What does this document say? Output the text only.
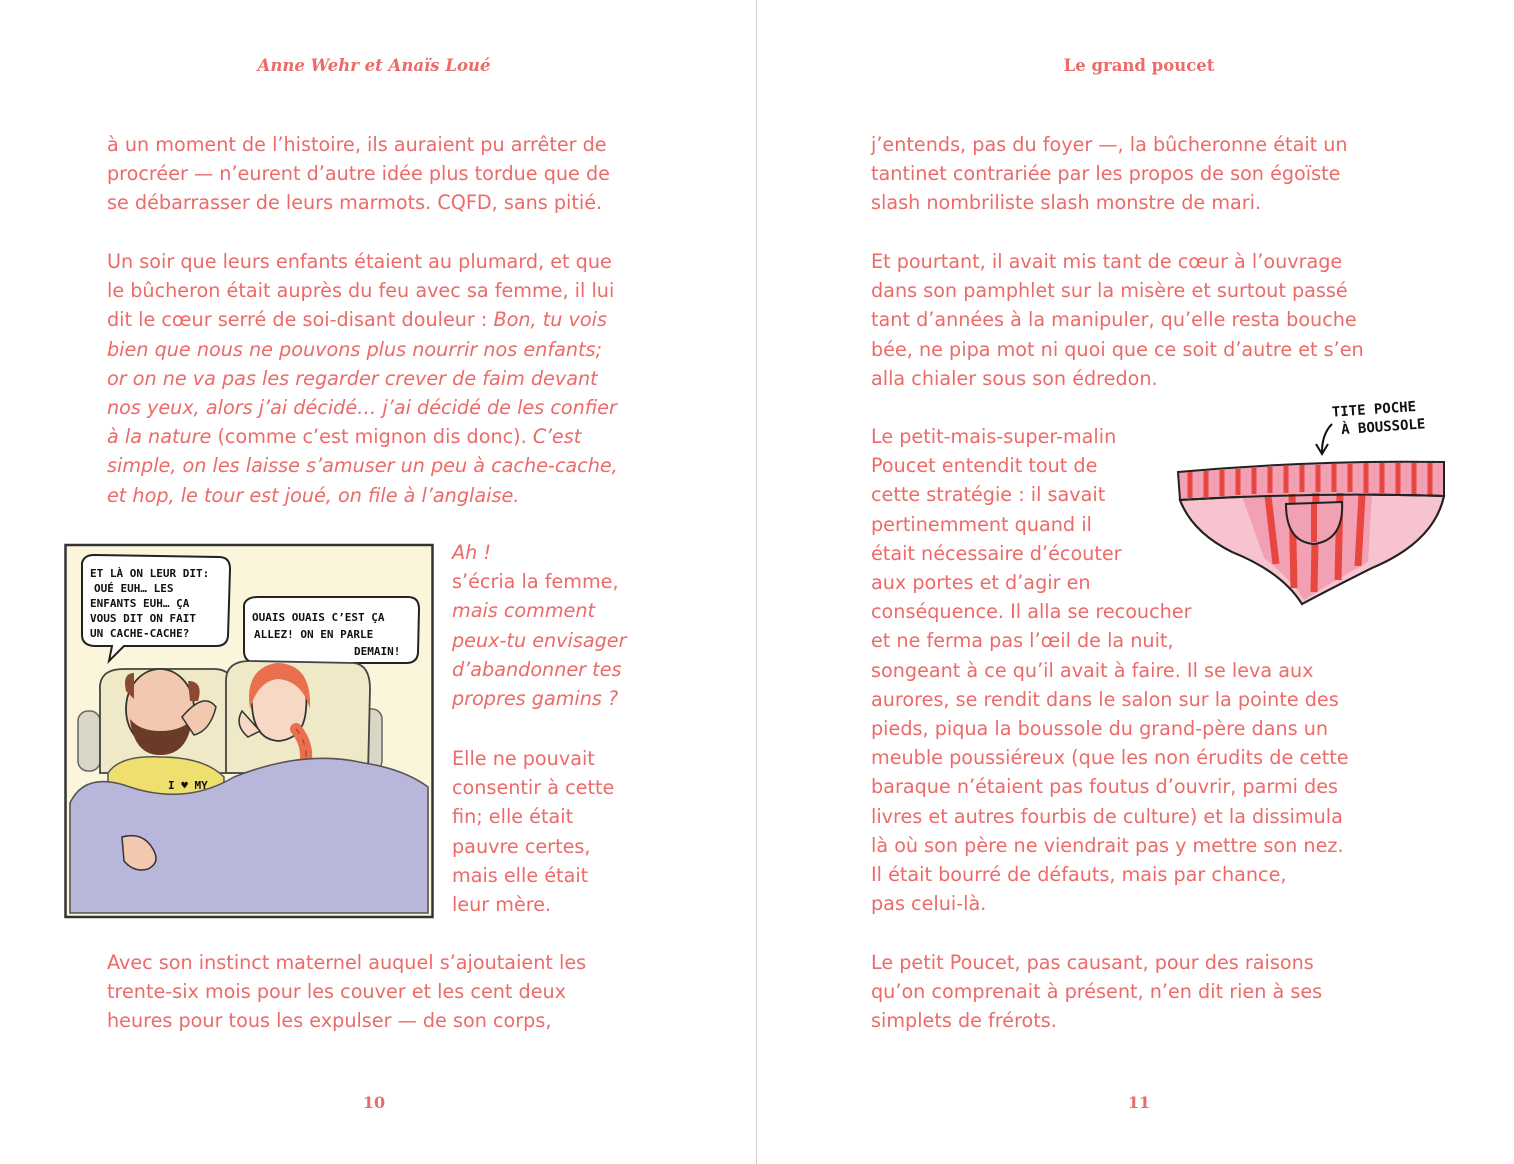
Anne Wehr et Anaïs Loué

à un moment de l’histoire, ils auraient pu arrêter de
procréer — n’eurent d’autre idée plus tordue que de
se débarrasser de leurs marmots. CQFD, sans pitié.

Un soir que leurs enfants étaient au plumard, et que
le bûcheron était auprès du feu avec sa femme, il lui
dit le cœur serré de soi-disant douleur : Bon, tu vois
bien que nous ne pouvons plus nourrir nos enfants;
or on ne va pas les regarder crever de faim devant
nos yeux, alors j’ai décidé… j’ai décidé de les confier
à la nature (comme c’est mignon dis donc). C’est
simple, on les laisse s’amuser un peu à cache-cache,
et hop, le tour est joué, on file à l’anglaise.

ET LÀ ON LEUR DIT:
OUÉ EUH… LES
ENFANTS EUH… ÇA
VOUS DIT ON FAIT
UN CACHE-CACHE?
OUAIS OUAIS C’EST ÇA
ALLEZ! ON EN PARLE
DEMAIN!
I ♥ MY

Ah !
s’écria la femme,
mais comment
peux-tu envisager
d’abandonner tes
propres gamins ?

Elle ne pouvait
consentir à cette
fin; elle était
pauvre certes,
mais elle était
leur mère.

Avec son instinct maternel auquel s’ajoutaient les
trente-six mois pour les couver et les cent deux
heures pour tous les expulser — de son corps,

10
Le grand poucet

j’entends, pas du foyer —, la bûcheronne était un
tantinet contrariée par les propos de son égoïste
slash nombriliste slash monstre de mari.

Et pourtant, il avait mis tant de cœur à l’ouvrage
dans son pamphlet sur la misère et surtout passé
tant d’années à la manipuler, qu’elle resta bouche
bée, ne pipa mot ni quoi que ce soit d’autre et s’en
alla chialer sous son édredon.

Le petit-mais-super-malin
Poucet entendit tout de
cette stratégie : il savait
pertinemment quand il
était nécessaire d’écouter
aux portes et d’agir en
conséquence. Il alla se recoucher
et ne ferma pas l’œil de la nuit,
songeant à ce qu’il avait à faire. Il se leva aux
aurores, se rendit dans le salon sur la pointe des
pieds, piqua la boussole du grand-père dans un
meuble poussiéreux (que les non érudits de cette
baraque n’étaient pas foutus d’ouvrir, parmi des
livres et autres fourbis de culture) et la dissimula
là où son père ne viendrait pas y mettre son nez.
Il était bourré de défauts, mais par chance,
pas celui-là.

Le petit Poucet, pas causant, pour des raisons
qu’on comprenait à présent, n’en dit rien à ses
simplets de frérots.

11
TITE POCHE
À BOUSSOLE
